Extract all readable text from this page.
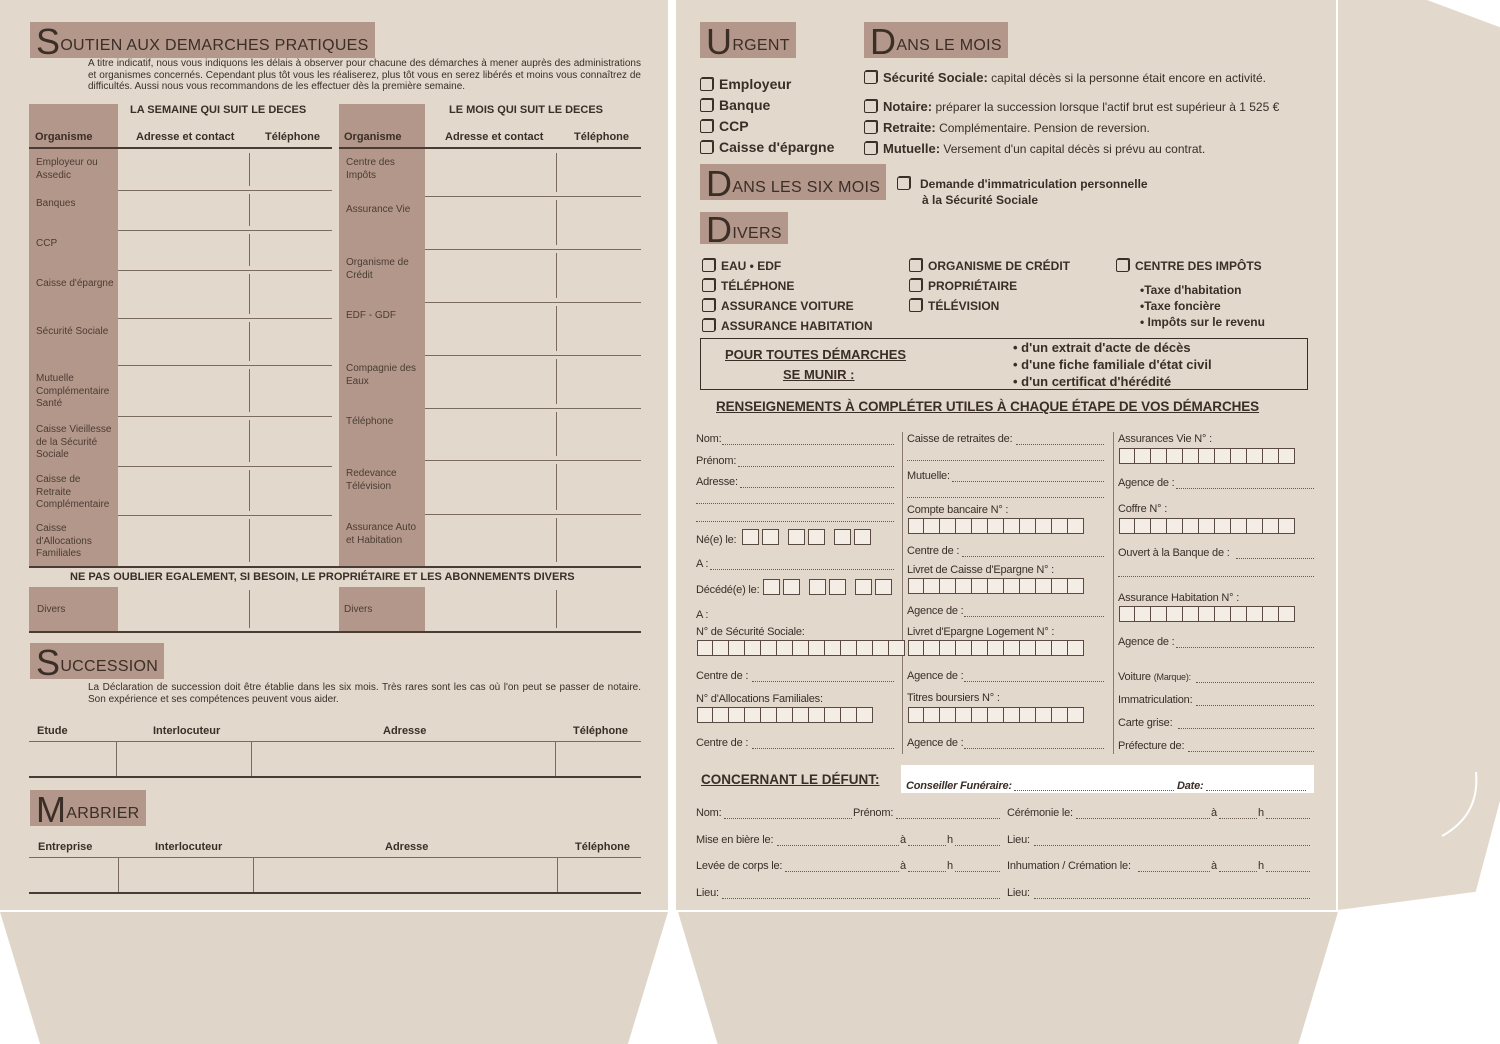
SOUTIEN AUX DEMARCHES PRATIQUES
A titre indicatif, nous vous indiquons les délais à observer pour chacune des démarches à mener auprès des administrations et organismes concernés. Cependant plus tôt vous les réaliserez, plus tôt vous en serez libérés et moins vous connaîtrez de difficultés. Aussi nous vous recommandons de les effectuer dès la première semaine.
LA SEMAINE QUI SUIT LE DECES
Organisme	Adresse et contact	Téléphone
Employeur ou Assedic
Banques
CCP
Caisse d'épargne
Sécurité Sociale
Mutuelle Complémentaire Santé
Caisse Vieillesse de la Sécurité Sociale
Caisse de Retraite Complémentaire
Caisse d'Allocations Familiales
LE MOIS QUI SUIT LE DECES
Organisme	Adresse et contact	Téléphone
Centre des Impôts
Assurance Vie
Organisme de Crédit
EDF - GDF
Compagnie des Eaux
Téléphone
Redevance Télévision
Assurance Auto et Habitation
NE PAS OUBLIER EGALEMENT, SI BESOIN, LE PROPRIÉTAIRE ET LES ABONNEMENTS DIVERS
Divers	Divers
SUCCESSION
La Déclaration de succession doit être établie dans les six mois. Très rares sont les cas où l'on peut se passer de notaire. Son expérience et ses compétences peuvent vous aider.
Etude	Interlocuteur	Adresse	Téléphone
MARBRIER
Entreprise	Interlocuteur	Adresse	Téléphone
URGENT
Employeur
Banque
CCP
Caisse d'épargne
DANS LE MOIS
Sécurité Sociale: capital décès si la personne était encore en activité.
Notaire: préparer la succession lorsque l'actif brut est supérieur à 1 525 €
Retraite: Complémentaire. Pension de reversion.
Mutuelle: Versement d'un capital décès si prévu au contrat.
DANS LES SIX MOIS	Demande d'immatriculation personnelle
à la Sécurité Sociale
DIVERS
EAU • EDF
TÉLÉPHONE
ASSURANCE VOITURE
ASSURANCE HABITATION
ORGANISME DE CRÉDIT
PROPRIÉTAIRE
TÉLÉVISION
CENTRE DES IMPÔTS
•Taxe d'habitation
•Taxe foncière
• Impôts sur le revenu
POUR TOUTES DÉMARCHES
SE MUNIR :
• d'un extrait d'acte de décès
• d'une fiche familiale d'état civil
• d'un certificat d'hérédité
RENSEIGNEMENTS À COMPLÉTER UTILES À CHAQUE ÉTAPE DE VOS DÉMARCHES
Nom:
Prénom:
Adresse:
Né(e) le:
A :
Décédé(e) le:
A :
N° de Sécurité Sociale:
Centre de :
N° d'Allocations Familiales:
Centre de :
Caisse de retraites de:
Mutuelle:
Compte bancaire N° :
Centre de :
Livret de Caisse d'Epargne N° :
Agence de :
Livret d'Epargne Logement N° :
Agence de :
Titres boursiers N° :
Agence de :
Assurances Vie N° :
Agence de :
Coffre N° :
Ouvert à la Banque de :
Assurance Habitation N° :
Agence de :
Voiture (Marque):
Immatriculation:
Carte grise:
Préfecture de:
CONCERNANT LE DÉFUNT: Conseiller Funéraire:	Date:
Nom:	Prénom:	Cérémonie le:	à	h
Mise en bière le:	à	h	Lieu:
Levée de corps le:	à	h	Inhumation / Crémation le:	à	h
Lieu:	Lieu:
